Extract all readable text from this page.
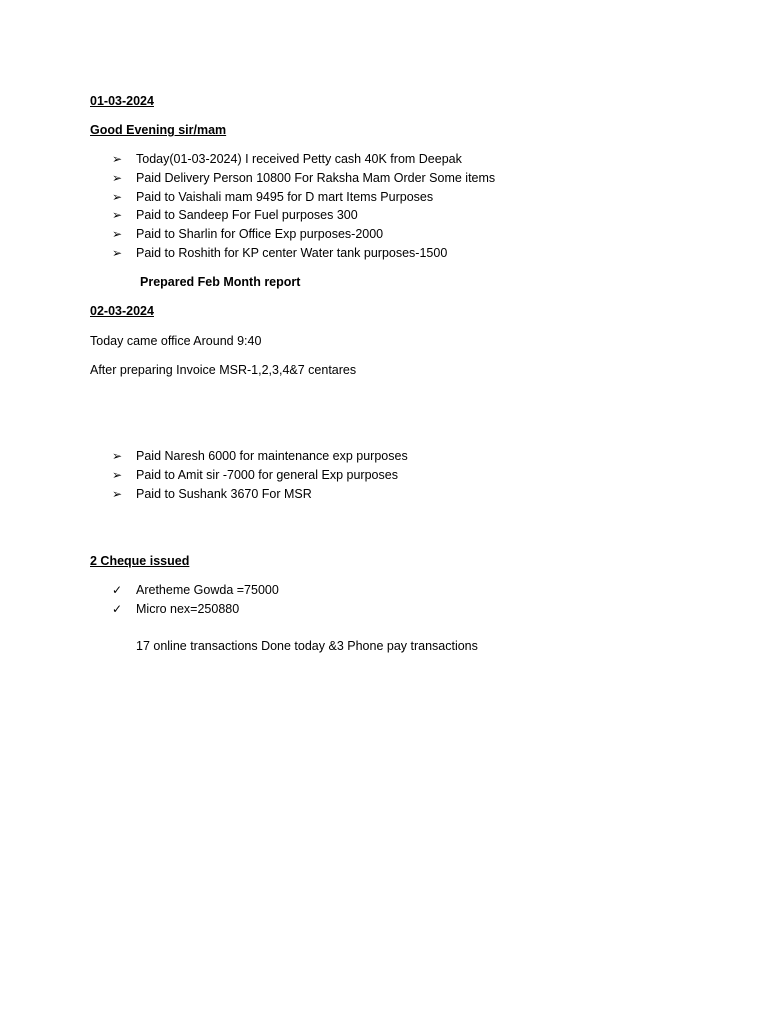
01-03-2024
Good Evening sir/mam
➢	Today(01-03-2024) I received Petty cash 40K from Deepak
➢	Paid Delivery Person 10800 For Raksha Mam Order Some items
➢	Paid to Vaishali mam 9495 for D mart Items Purposes
➢	Paid to Sandeep For Fuel purposes 300
➢	Paid to Sharlin for Office Exp purposes-2000
➢	Paid to Roshith for KP center Water tank purposes-1500
Prepared Feb Month report
02-03-2024
Today came office Around 9:40
After preparing Invoice MSR-1,2,3,4&7 centares
➢	Paid Naresh 6000 for maintenance exp purposes
➢	Paid to Amit sir -7000 for general Exp purposes
➢	Paid to Sushank 3670 For MSR
2 Cheque issued
✓	Aretheme Gowda =75000
✓	Micro nex=250880
17 online transactions Done today &3 Phone pay transactions
